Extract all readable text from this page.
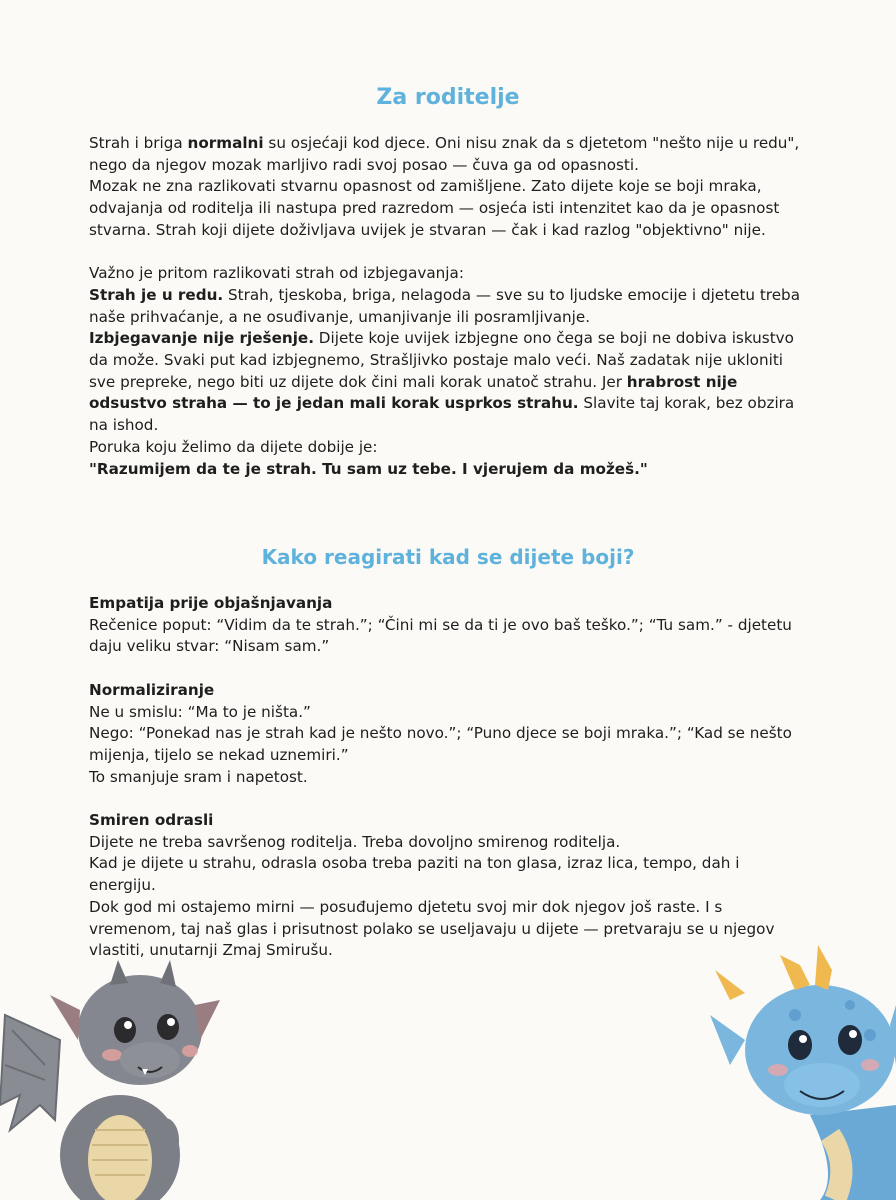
Za roditelje

Strah i briga normalni su osjećaji kod djece. Oni nisu znak da s djetetom "nešto nije u redu", nego da njegov mozak marljivo radi svoj posao — čuva ga od opasnosti.

Mozak ne zna razlikovati stvarnu opasnost od zamišljene. Zato dijete koje se boji mraka, odvajanja od roditelja ili nastupa pred razredom — osjeća isti intenzitet kao da je opasnost stvarna. Strah koji dijete doživljava uvijek je stvaran — čak i kad razlog "objektivno" nije.

Važno je pritom razlikovati strah od izbjegavanja:

Strah je u redu. Strah, tjeskoba, briga, nelagoda — sve su to ljudske emocije i djetetu treba naše prihvaćanje, a ne osuđivanje, umanjivanje ili posramljivanje.

Izbjegavanje nije rješenje. Dijete koje uvijek izbjegne ono čega se boji ne dobiva iskustvo da može. Svaki put kad izbjegnemo, Strašljivko postaje malo veći. Naš zadatak nije ukloniti sve prepreke, nego biti uz dijete dok čini mali korak unatoč strahu. Jer hrabrost nije odsustvo straha — to je jedan mali korak usprkos strahu. Slavite taj korak, bez obzira na ishod.

Poruka koju želimo da dijete dobije je:

"Razumijem da te je strah. Tu sam uz tebe. I vjerujem da možeš."

Kako reagirati kad se dijete boji?

Empatija prije objašnjavanja

Rečenice poput: “Vidim da te strah.”; “Čini mi se da ti je ovo baš teško.”; “Tu sam.” - djetetu daju veliku stvar: “Nisam sam.”

Normaliziranje

Ne u smislu: “Ma to je ništa.”

Nego: “Ponekad nas je strah kad je nešto novo.”; “Puno djece se boji mraka.”; “Kad se nešto mijenja, tijelo se nekad uznemiri.”

To smanjuje sram i napetost.

Smiren odrasli

Dijete ne treba savršenog roditelja. Treba dovoljno smirenog roditelja.

Kad je dijete u strahu, odrasla osoba treba paziti na ton glasa, izraz lica, tempo, dah i energiju.

Dok god mi ostajemo mirni — posuđujemo djetetu svoj mir dok njegov još raste. I s vremenom, taj naš glas i prisutnost polako se useljavaju u dijete — pretvaraju se u njegov vlastiti, unutarnji Zmaj Smirušu.
